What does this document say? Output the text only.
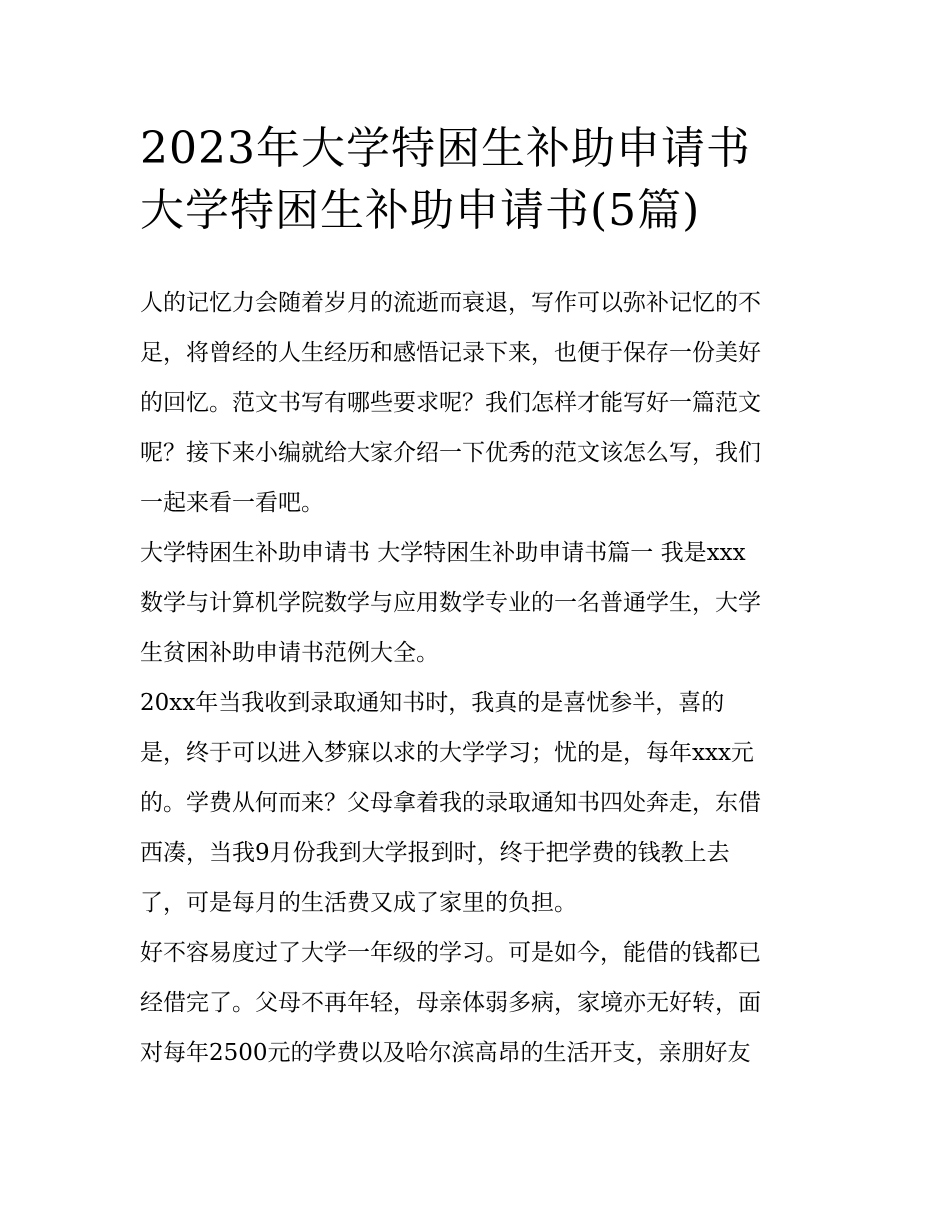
2023年大学特困生补助申请书
大学特困生补助申请书(5篇)
人的记忆力会随着岁月的流逝而衰退，写作可以弥补记忆的不
足，将曾经的人生经历和感悟记录下来，也便于保存一份美好
的回忆。范文书写有哪些要求呢？我们怎样才能写好一篇范文
呢？接下来小编就给大家介绍一下优秀的范文该怎么写，我们
一起来看一看吧。
大学特困生补助申请书 大学特困生补助申请书篇一 我是xxx
数学与计算机学院数学与应用数学专业的一名普通学生，大学
生贫困补助申请书范例大全。
20xx年当我收到录取通知书时，我真的是喜忧参半，喜的
是，终于可以进入梦寐以求的大学学习；忧的是，每年xxx元
的。学费从何而来？父母拿着我的录取通知书四处奔走，东借
西凑，当我9月份我到大学报到时，终于把学费的钱教上去
了，可是每月的生活费又成了家里的负担。
好不容易度过了大学一年级的学习。可是如今，能借的钱都已
经借完了。父母不再年轻，母亲体弱多病，家境亦无好转，面
对每年2500元的学费以及哈尔滨高昂的生活开支，亲朋好友
